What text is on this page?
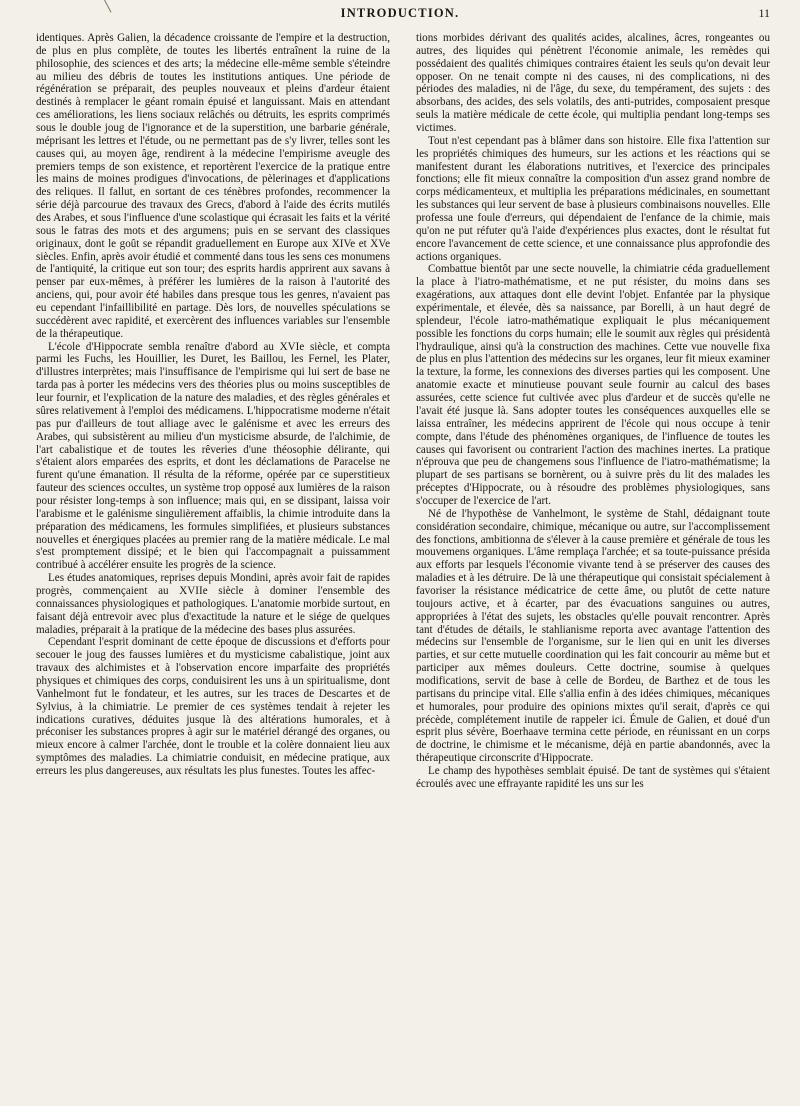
INTRODUCTION.	11

identiques. Après Galien, la décadence croissante de l'empire et la destruction, de plus en plus complète, de toutes les libertés entraînent la ruine de la philosophie, des sciences et des arts; la médecine elle-même semble s'éteindre au milieu des débris de toutes les institutions antiques. Une période de régénération se préparait, des peuples nouveaux et pleins d'ardeur étaient destinés à remplacer le géant romain épuisé et languissant. Mais en attendant ces améliorations, les liens sociaux relâchés ou détruits, les esprits comprimés sous le double joug de l'ignorance et de la superstition, une barbarie générale, méprisant les lettres et l'étude, ou ne permettant pas de s'y livrer, telles sont les causes qui, au moyen âge, rendirent à la médecine l'empirisme aveugle des premiers temps de son existence, et reportèrent l'exercice de la pratique entre les mains de moines prodigues d'invocations, de pèlerinages et d'applications des reliques. Il fallut, en sortant de ces ténèbres profondes, recommencer la série déjà parcourue des travaux des Grecs, d'abord à l'aide des écrits mutilés des Arabes, et sous l'influence d'une scolastique qui écrasait les faits et la vérité sous le fatras des mots et des argumens; puis en se servant des classiques originaux, dont le goût se répandit graduellement en Europe aux XIVe et XVe siècles. Enfin, après avoir étudié et commenté dans tous les sens ces monumens de l'antiquité, la critique eut son tour; des esprits hardis apprirent aux savans à penser par eux-mêmes, à préférer les lumières de la raison à l'autorité des anciens, qui, pour avoir été habiles dans presque tous les genres, n'avaient pas eu cependant l'infaillibilité en partage. Dès lors, de nouvelles spéculations se succédèrent avec rapidité, et exercèrent des influences variables sur l'ensemble de la thérapeutique.

L'école d'Hippocrate sembla renaître d'abord au XVIe siècle, et compta parmi les Fuchs, les Houillier, les Duret, les Baillou, les Fernel, les Plater, d'illustres interprètes; mais l'insuffisance de l'empirisme qui lui sert de base ne tarda pas à porter les médecins vers des théories plus ou moins susceptibles de leur fournir, et l'explication de la nature des maladies, et des règles générales et sûres relativement à l'emploi des médicamens. L'hippocratisme moderne n'était pas pur d'ailleurs de tout alliage avec le galénisme et avec les erreurs des Arabes, qui subsistèrent au milieu d'un mysticisme absurde, de l'alchimie, de l'art cabalistique et de toutes les rêveries d'une théosophie délirante, qui s'étaient alors emparées des esprits, et dont les déclamations de Paracelse ne furent qu'une émanation. Il résulta de la réforme, opérée par ce superstitieux fauteur des sciences occultes, un système trop opposé aux lumières de la raison pour résister long-temps à son influence; mais qui, en se dissipant, laissa voir l'arabisme et le galénisme singulièrement affaiblis, la chimie introduite dans la préparation des médicamens, les formules simplifiées, et plusieurs substances nouvelles et énergiques placées au premier rang de la matière médicale. Le mal s'est promptement dissipé; et le bien qui l'accompagnait a puissamment contribué à accélérer ensuite les progrès de la science.

Les études anatomiques, reprises depuis Mondini, après avoir fait de rapides progrès, commençaient au XVIIe siècle à dominer l'ensemble des connaissances physiologiques et pathologiques. L'anatomie morbide surtout, en faisant déjà entrevoir avec plus d'exactitude la nature et le siége de quelques maladies, préparait à la pratique de la médecine des bases plus assurées.

Cependant l'esprit dominant de cette époque de discussions et d'efforts pour secouer le joug des fausses lumières et du mysticisme cabalistique, joint aux travaux des alchimistes et à l'observation encore imparfaite des propriétés physiques et chimiques des corps, conduisirent les uns à un spiritualisme, dont Vanhelmont fut le fondateur, et les autres, sur les traces de Descartes et de Sylvius, à la chimiatrie. Le premier de ces systèmes tendait à rejeter les indications curatives, déduites jusque là des altérations humorales, et à préconiser les substances propres à agir sur le matériel dérangé des organes, ou mieux encore à calmer l'archée, dont le trouble et la colère donnaient lieu aux symptômes des maladies. La chimiatrie conduisit, en médecine pratique, aux erreurs les plus dangereuses, aux résultats les plus funestes. Toutes les affec-

tions morbides dérivant des qualités acides, alcalines, âcres, rongeantes ou autres, des liquides qui pénètrent l'économie animale, les remèdes qui possédaient des qualités chimiques contraires étaient les seuls qu'on devait leur opposer. On ne tenait compte ni des causes, ni des complications, ni des périodes des maladies, ni de l'âge, du sexe, du tempérament, des sujets : des absorbans, des acides, des sels volatils, des anti-putrides, composaient presque seuls la matière médicale de cette école, qui multiplia pendant long-temps ses victimes.

Tout n'est cependant pas à blâmer dans son histoire. Elle fixa l'attention sur les propriétés chimiques des humeurs, sur les actions et les réactions qui se manifestent durant les élaborations nutritives, et l'exercice des principales fonctions; elle fit mieux connaître la composition d'un assez grand nombre de corps médicamenteux, et multiplia les préparations médicinales, en soumettant les substances qui leur servent de base à plusieurs combinaisons nouvelles. Elle professa une foule d'erreurs, qui dépendaient de l'enfance de la chimie, mais qu'on ne put réfuter qu'à l'aide d'expériences plus exactes, dont le résultat fut encore l'avancement de cette science, et une connaissance plus approfondie des actions organiques.

Combattue bientôt par une secte nouvelle, la chimiatrie céda graduellement la place à l'iatro-mathématisme, et ne put résister, du moins dans ses exagérations, aux attaques dont elle devint l'objet. Enfantée par la physique expérimentale, et élevée, dès sa naissance, par Borelli, à un haut degré de splendeur, l'école iatro-mathématique expliquait le plus mécaniquement possible les fonctions du corps humain; elle le soumit aux règles qui présidentà l'hydraulique, ainsi qu'à la construction des machines. Cette vue nouvelle fixa de plus en plus l'attention des médecins sur les organes, leur fit mieux examiner la texture, la forme, les connexions des diverses parties qui les composent. Une anatomie exacte et minutieuse pouvant seule fournir au calcul des bases assurées, cette science fut cultivée avec plus d'ardeur et de succès qu'elle ne l'avait été jusque là. Sans adopter toutes les conséquences auxquelles elle se laissa entraîner, les médecins apprirent de l'école qui nous occupe à tenir compte, dans l'étude des phénomènes organiques, de l'influence de toutes les causes qui favorisent ou contrarient l'action des machines inertes. La pratique n'éprouva que peu de changemens sous l'influence de l'iatro-mathématisme; la plupart de ses partisans se bornèrent, ou à suivre près du lit des malades les préceptes d'Hippocrate, ou à résoudre des problèmes physiologiques, sans s'occuper de l'exercice de l'art.

Né de l'hypothèse de Vanhelmont, le système de Stahl, dédaignant toute considération secondaire, chimique, mécanique ou autre, sur l'accomplissement des fonctions, ambitionna de s'élever à la cause première et générale de tous les mouvemens organiques. L'âme remplaça l'archée; et sa toute-puissance présida aux efforts par lesquels l'économie vivante tend à se préserver des causes des maladies et à les détruire. De là une thérapeutique qui consistait spécialement à favoriser la résistance médicatrice de cette âme, ou plutôt de cette nature toujours active, et à écarter, par des évacuations sanguines ou autres, appropriées à l'état des sujets, les obstacles qu'elle pouvait rencontrer. Après tant d'études de détails, le stahlianisme reporta avec avantage l'attention des médecins sur l'ensemble de l'organisme, sur le lien qui en unit les diverses parties, et sur cette mutuelle coordination qui les fait concourir au même but et participer aux mêmes douleurs. Cette doctrine, soumise à quelques modifications, servit de base à celle de Bordeu, de Barthez et de tous les partisans du principe vital. Elle s'allia enfin à des idées chimiques, mécaniques et humorales, pour produire des opinions mixtes qu'il serait, d'après ce qui précède, complétement inutile de rappeler ici. Émule de Galien, et doué d'un esprit plus sévère, Boerhaave termina cette période, en réunissant en un corps de doctrine, le chimisme et le mécanisme, déjà en partie abandonnés, avec la thérapeutique circonscrite d'Hippocrate.

Le champ des hypothèses semblait épuisé. De tant de systèmes qui s'étaient écroulés avec une effrayante rapidité les uns sur les
